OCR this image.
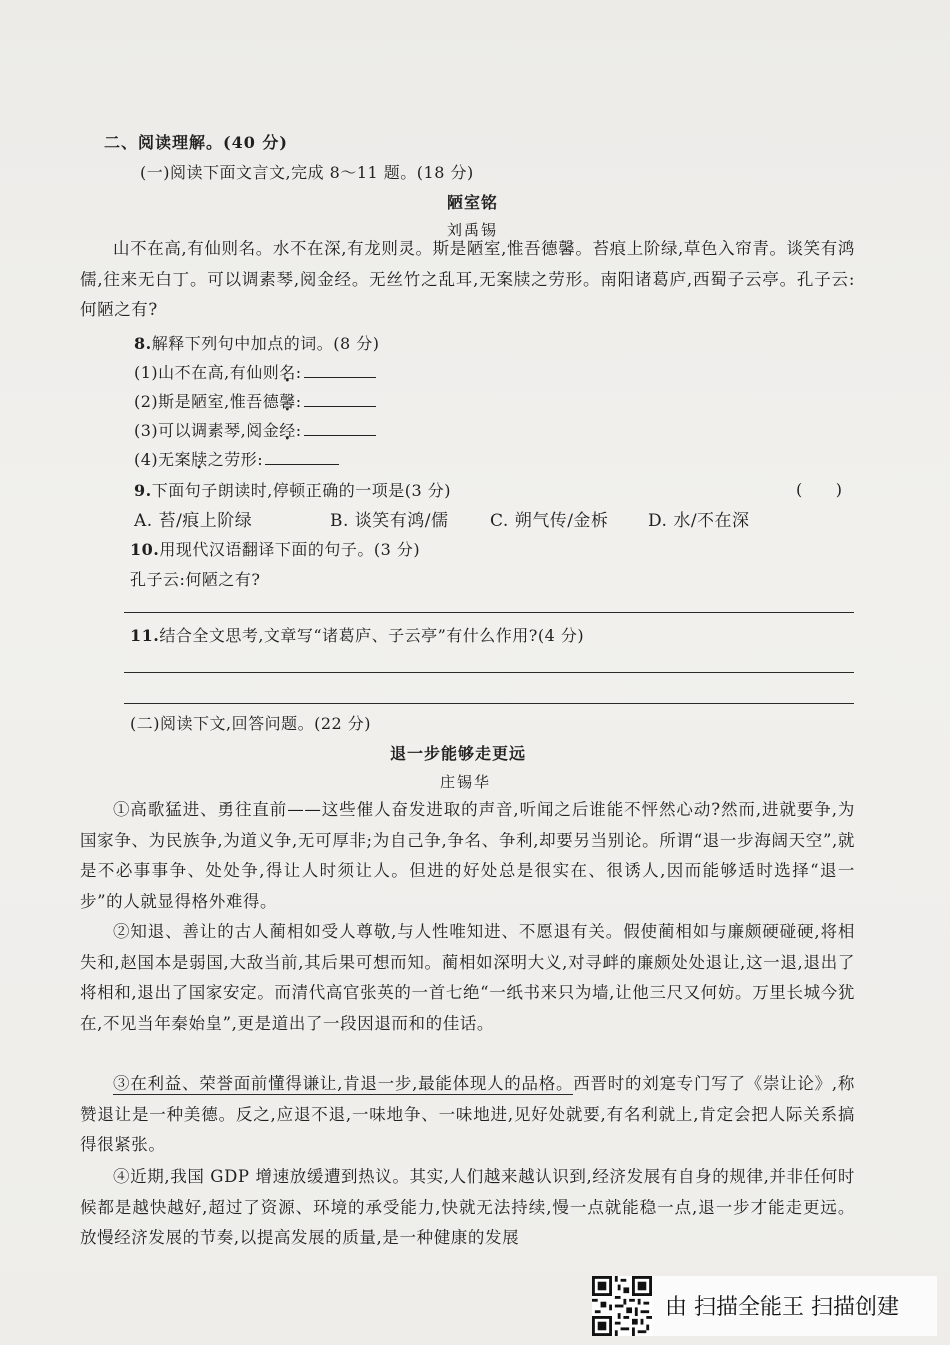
二、阅读理解。(40 分)
(一)阅读下面文言文,完成 8～11 题。(18 分)
陋室铭
刘禹锡
山不在高,有仙则名。水不在深,有龙则灵。斯是陋室,惟吾德馨。苔痕上阶绿,草色入帘青。谈笑有鸿儒,往来无白丁。可以调素琴,阅金经。无丝竹之乱耳,无案牍之劳形。南阳诸葛庐,西蜀子云亭。孔子云:何陋之有?
8.解释下列句中加点的词。(8 分)
(1)山不在高,有仙则名:
(2)斯是陋室,惟吾德馨:
(3)可以调素琴,阅金经:
(4)无案牍之劳形:
9.下面句子朗读时,停顿正确的一项是(3 分)	(　　)
A. 苔/痕上阶绿	B. 谈笑有鸿/儒 C. 朔气传/金柝 D. 水/不在深
10.用现代汉语翻译下面的句子。(3 分)
孔子云:何陋之有?
11.结合全文思考,文章写“诸葛庐、子云亭”有什么作用?(4 分)
(二)阅读下文,回答问题。(22 分)
退一步能够走更远
庄锡华
①高歌猛进、勇往直前——这些催人奋发进取的声音,听闻之后谁能不怦然心动?然而,进就要争,为国家争、为民族争,为道义争,无可厚非;为自己争,争名、争利,却要另当别论。所谓“退一步海阔天空”,就是不必事事争、处处争,得让人时须让人。但进的好处总是很实在、很诱人,因而能够适时选择“退一步”的人就显得格外难得。
②知退、善让的古人蔺相如受人尊敬,与人性唯知进、不愿退有关。假使蔺相如与廉颇硬碰硬,将相失和,赵国本是弱国,大敌当前,其后果可想而知。蔺相如深明大义,对寻衅的廉颇处处退让,这一退,退出了将相和,退出了国家安定。而清代高官张英的一首七绝“一纸书来只为墙,让他三尺又何妨。万里长城今犹在,不见当年秦始皇”,更是道出了一段因退而和的佳话。
③在利益、荣誉面前懂得谦让,肯退一步,最能体现人的品格。西晋时的刘寔专门写了《崇让论》,称赞退让是一种美德。反之,应退不退,一味地争、一味地进,见好处就要,有名利就上,肯定会把人际关系搞得很紧张。
④近期,我国 GDP 增速放缓遭到热议。其实,人们越来越认识到,经济发展有自身的规律,并非任何时候都是越快越好,超过了资源、环境的承受能力,快就无法持续,慢一点就能稳一点,退一步才能走更远。放慢经济发展的节奏,以提高发展的质量,是一种健康的发展
由 扫描全能王 扫描创建
